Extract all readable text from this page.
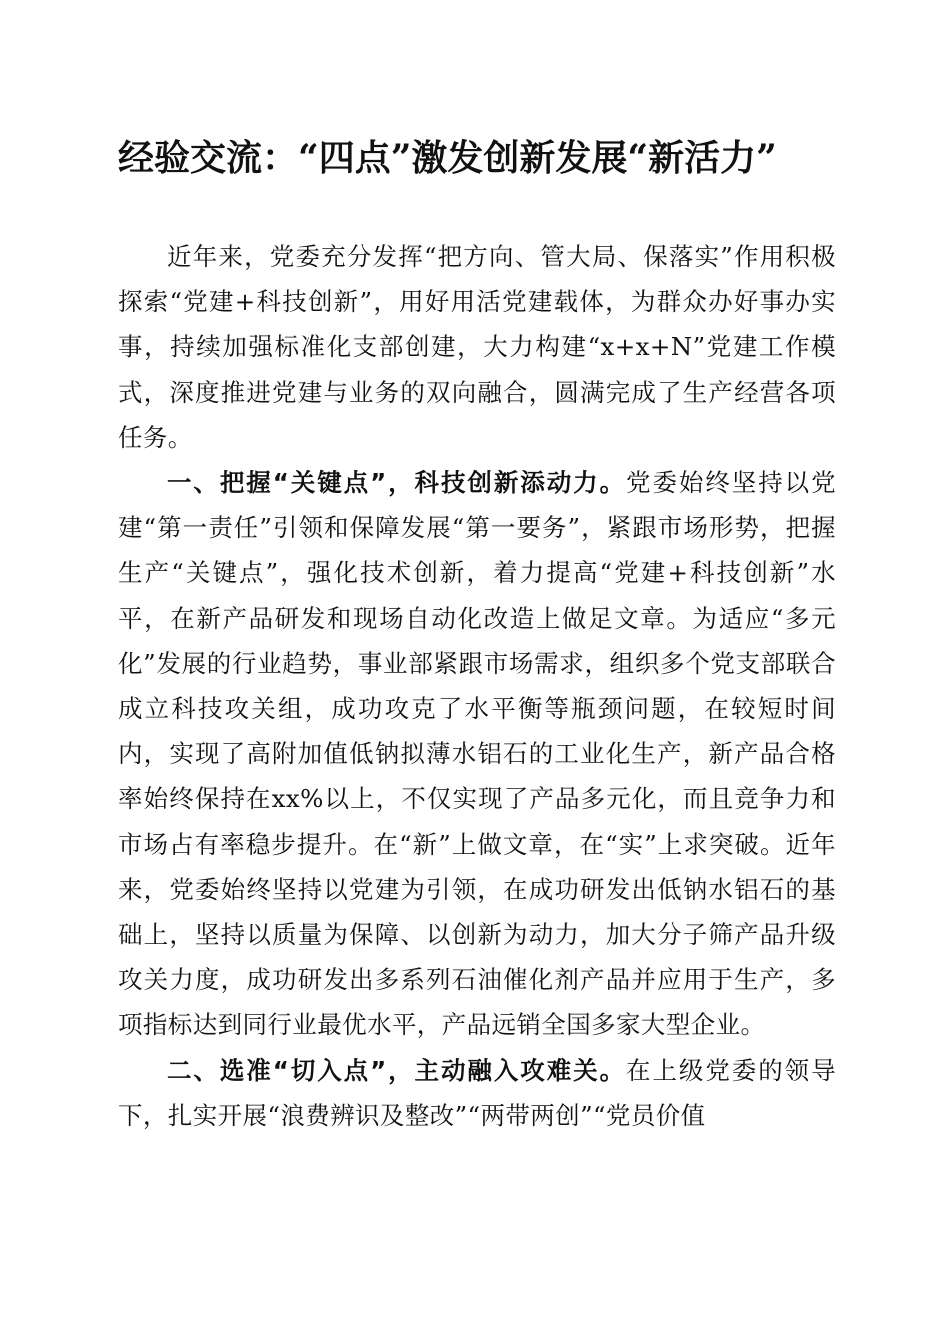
经验交流：“四点”激发创新发展“新活力”

近年来，党委充分发挥“把方向、管大局、保落实”作用积极探索“党建+科技创新”，用好用活党建载体，为群众办好事办实事，持续加强标准化支部创建，大力构建“x+x+N”党建工作模式，深度推进党建与业务的双向融合，圆满完成了生产经营各项任务。

一、把握“关键点”，科技创新添动力。党委始终坚持以党建“第一责任”引领和保障发展“第一要务”，紧跟市场形势，把握生产“关键点”，强化技术创新，着力提高“党建+科技创新”水平，在新产品研发和现场自动化改造上做足文章。为适应“多元化”发展的行业趋势，事业部紧跟市场需求，组织多个党支部联合成立科技攻关组，成功攻克了水平衡等瓶颈问题，在较短时间内，实现了高附加值低钠拟薄水铝石的工业化生产，新产品合格率始终保持在xx%以上，不仅实现了产品多元化，而且竞争力和市场占有率稳步提升。在“新”上做文章，在“实”上求突破。近年来，党委始终坚持以党建为引领，在成功研发出低钠水铝石的基础上，坚持以质量为保障、以创新为动力，加大分子筛产品升级攻关力度，成功研发出多系列石油催化剂产品并应用于生产，多项指标达到同行业最优水平，产品远销全国多家大型企业。

二、选准“切入点”，主动融入攻难关。在上级党委的领导下，扎实开展“浪费辨识及整改”“两带两创”“党员价值
